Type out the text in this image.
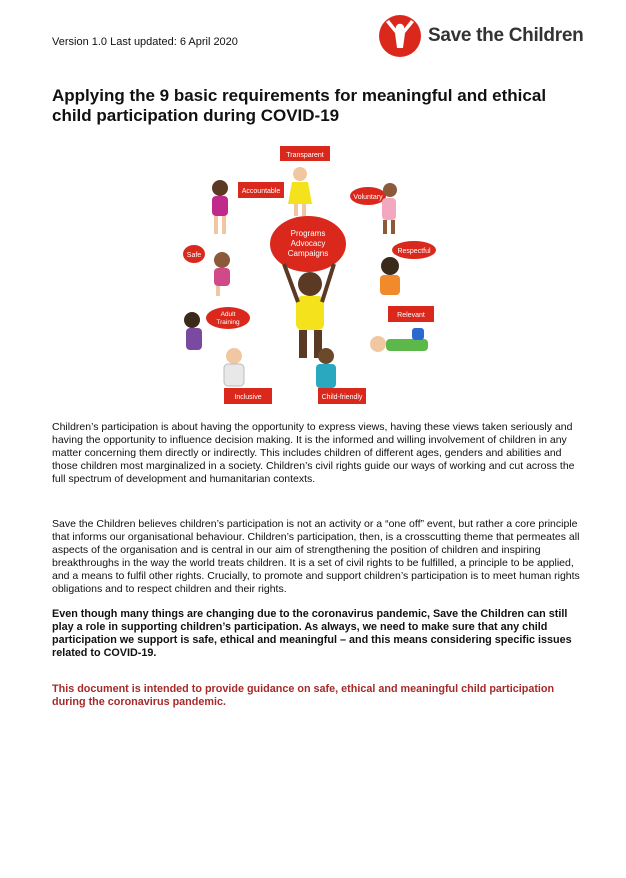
Version 1.0 Last updated: 6 April 2020	Save the Children
Applying the 9 basic requirements for meaningful and ethical child participation during COVID-19
Programs
Advocacy
Campaigns
Transparent
Voluntary
Respectful
Relevant
Child-friendly
Inclusive
Adult
Training
Safe
Accountable

Children’s participation is about having the opportunity to express views, having these views taken seriously and having the opportunity to influence decision making. It is the informed and willing involvement of children in any matter concerning them directly or indirectly. This includes children of different ages, genders and abilities and those children most marginalized in a society. Children’s civil rights guide our ways of working and cut across the full spectrum of development and humanitarian contexts.

Save the Children believes children’s participation is not an activity or a “one off” event, but rather a core principle that informs our organisational behaviour. Children’s participation, then, is a crosscutting theme that permeates all aspects of the organisation and is central in our aim of strengthening the position of children and inspiring breakthroughs in the way the world treats children. It is a set of civil rights to be fulfilled, a principle to be applied, and a means to fulfil other rights. Crucially, to promote and support children’s participation is to meet human rights obligations and to respect children and their rights.

Even though many things are changing due to the coronavirus pandemic, Save the Children can still play a role in supporting children’s participation. As always, we need to make sure that any child participation we support is safe, ethical and meaningful – and this means considering specific issues related to COVID-19.

This document is intended to provide guidance on safe, ethical and meaningful child participation during the coronavirus pandemic.
